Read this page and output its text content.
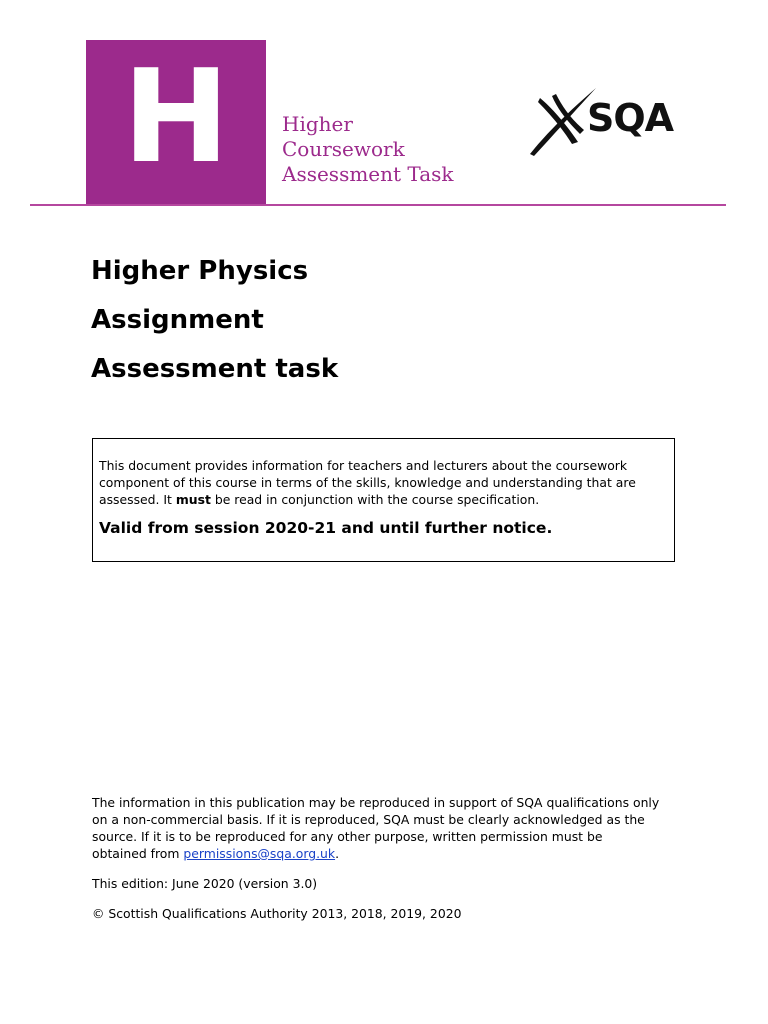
H	Higher
Coursework
Assessment Task
SQA
Higher Physics
Assignment
Assessment task

This document provides information for teachers and lecturers about the coursework
component of this course in terms of the skills, knowledge and understanding that are
assessed. It must be read in conjunction with the course specification.

Valid from session 2020-21 and until further notice.

The information in this publication may be reproduced in support of SQA qualifications only
on a non-commercial basis. If it is reproduced, SQA must be clearly acknowledged as the
source. If it is to be reproduced for any other purpose, written permission must be
obtained from permissions@sqa.org.uk.

This edition: June 2020 (version 3.0)

© Scottish Qualifications Authority 2013, 2018, 2019, 2020
